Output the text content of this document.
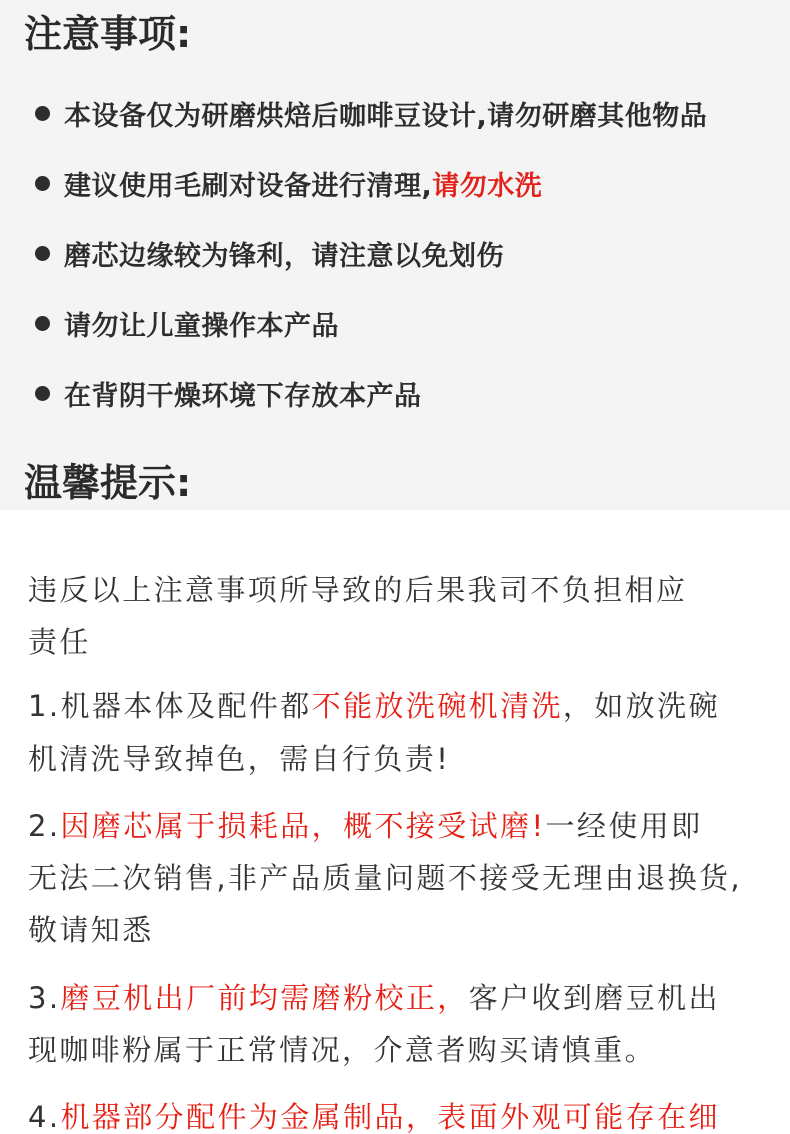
注意事项:
本设备仅为研磨烘焙后咖啡豆设计,请勿研磨其他物品
建议使用毛刷对设备进行清理,请勿水洗
磨芯边缘较为锋利，请注意以免划伤
请勿让儿童操作本产品
在背阴干燥环境下存放本产品
温馨提示:
违反以上注意事项所导致的后果我司不负担相应
责任
1.机器本体及配件都不能放洗碗机清洗，如放洗碗
机清洗导致掉色，需自行负责!
2.因磨芯属于损耗品，概不接受试磨!一经使用即
无法二次销售,非产品质量问题不接受无理由退换货,
敬请知悉
3.磨豆机出厂前均需磨粉校正，客户收到磨豆机出
现咖啡粉属于正常情况，介意者购买请慎重。
4.机器部分配件为金属制品，表面外观可能存在细
